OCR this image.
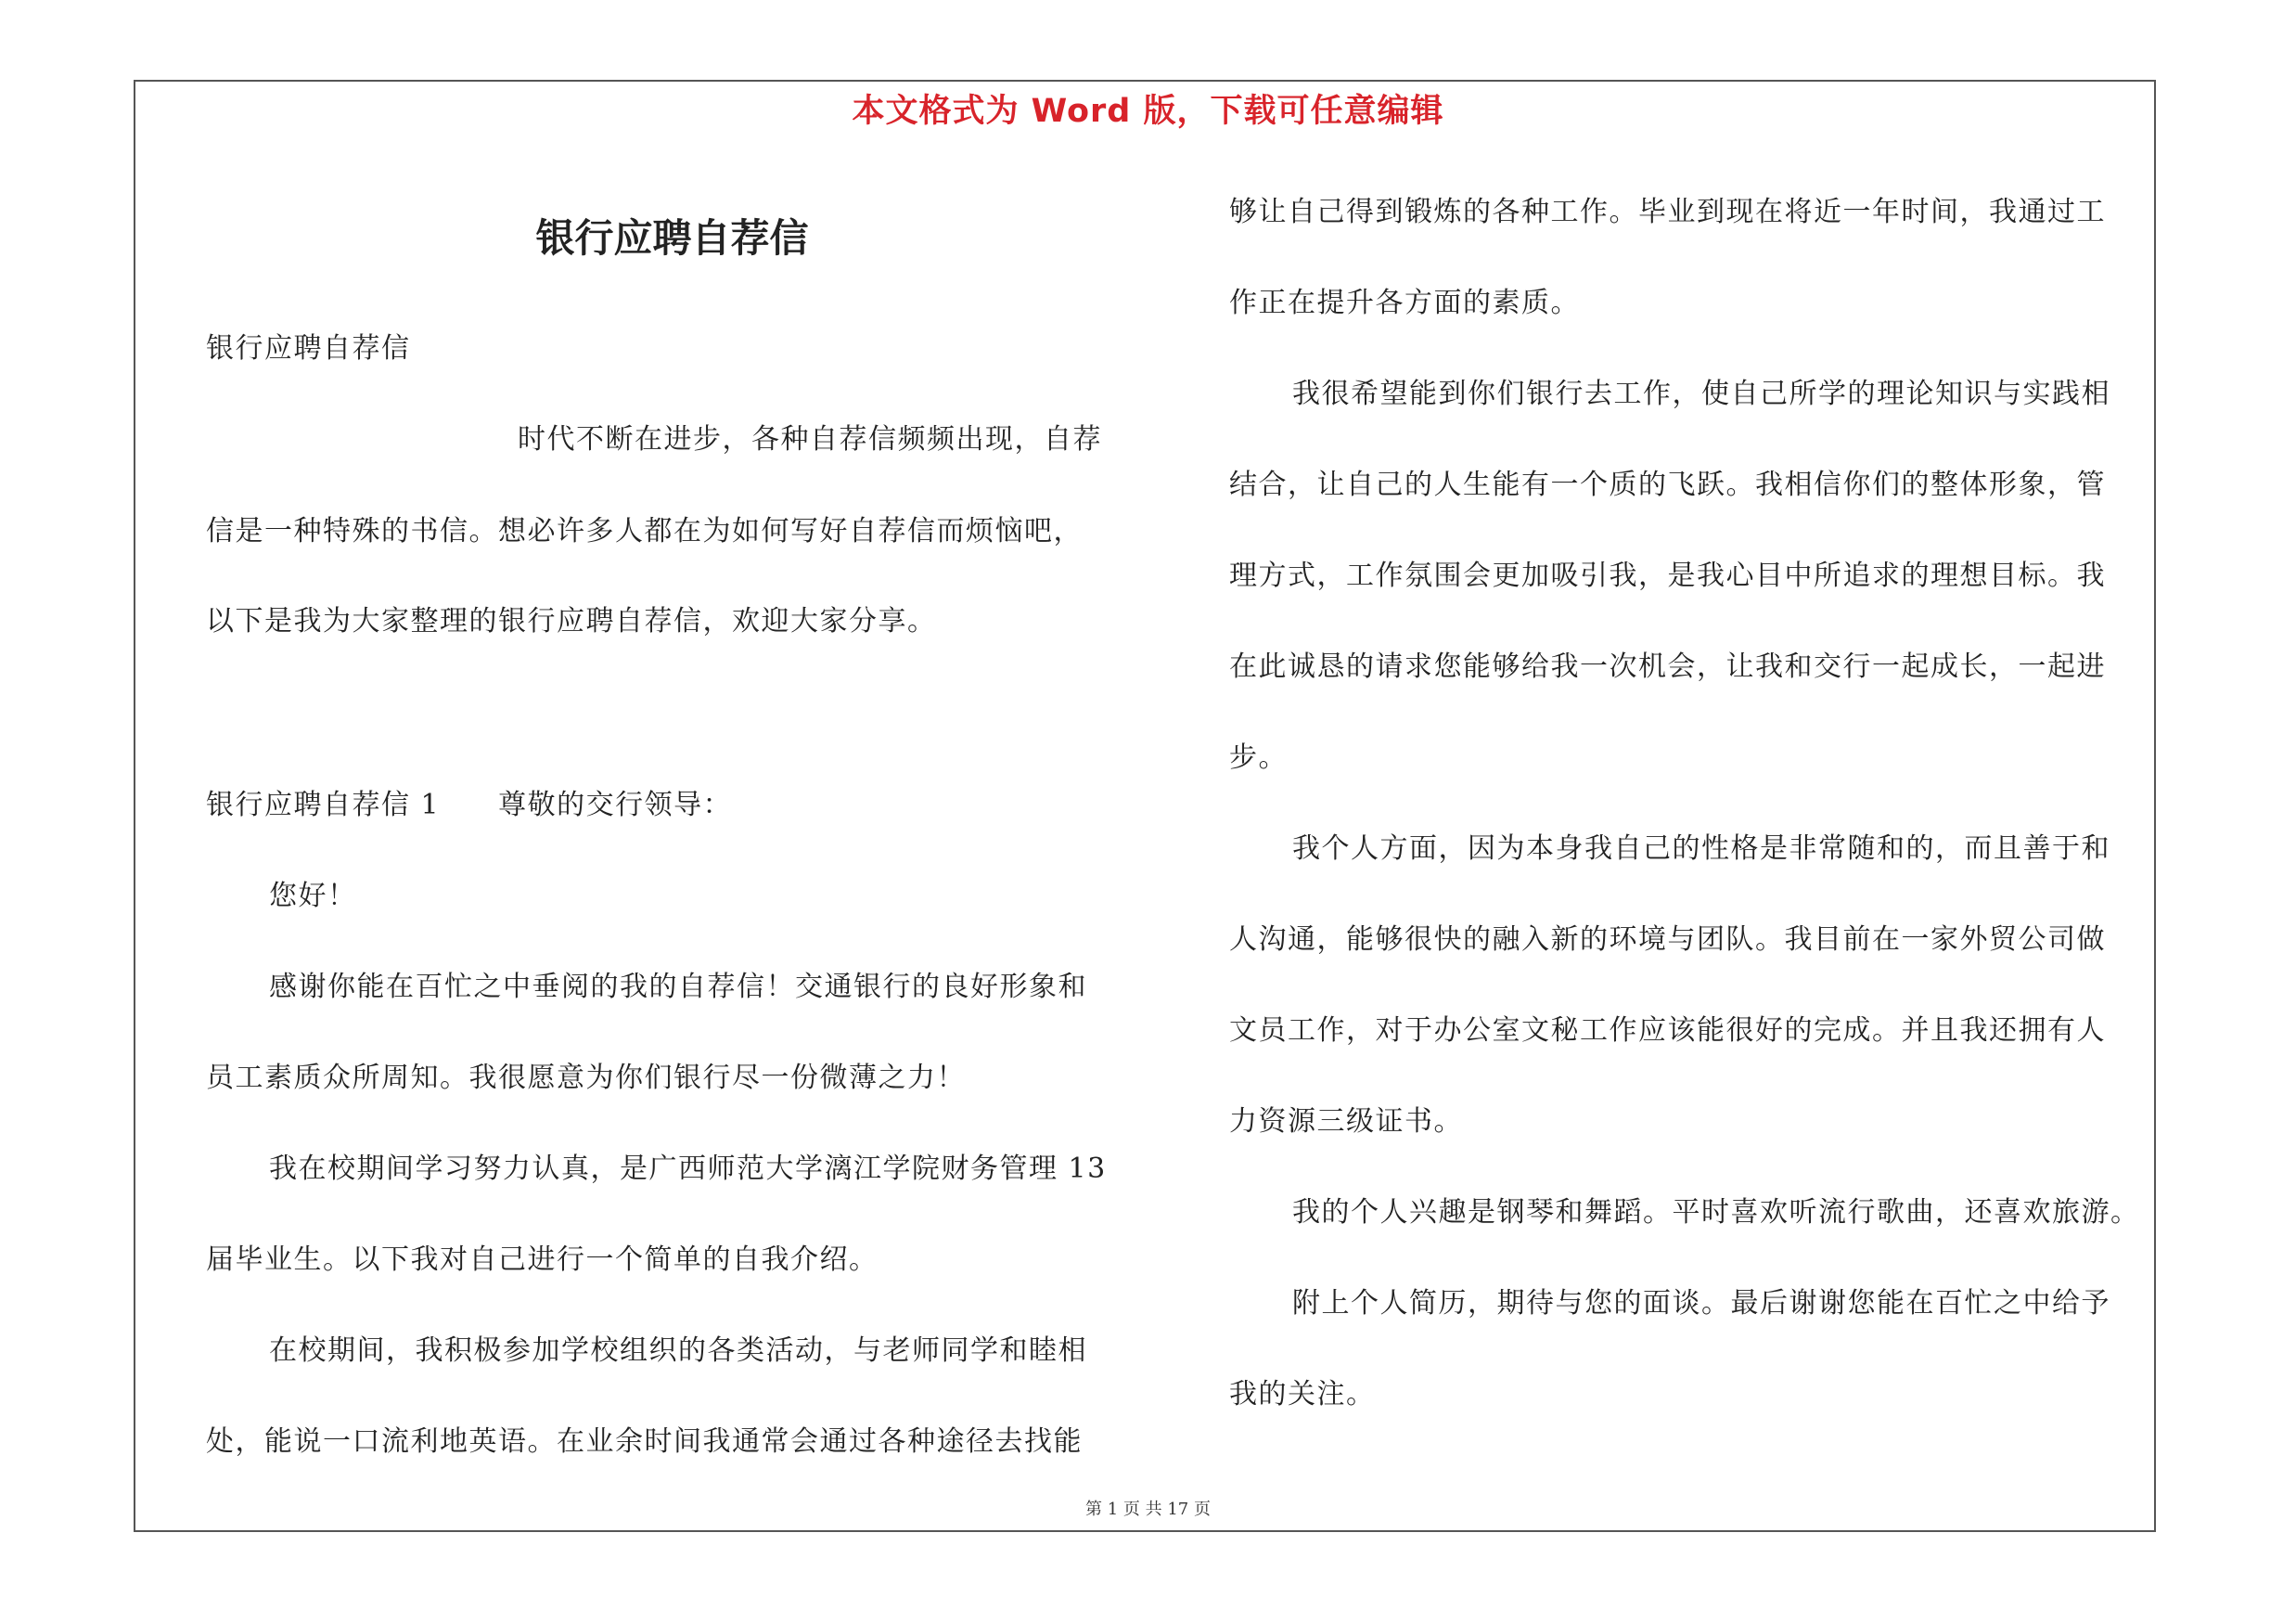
本文格式为 Word 版，下载可任意编辑
银行应聘自荐信
银行应聘自荐信
时代不断在进步，各种自荐信频频出现，自荐
信是一种特殊的书信。想必许多人都在为如何写好自荐信而烦恼吧，
以下是我为大家整理的银行应聘自荐信，欢迎大家分享。
银行应聘自荐信 1　　尊敬的交行领导：
您好！
感谢你能在百忙之中垂阅的我的自荐信！交通银行的良好形象和
员工素质众所周知。我很愿意为你们银行尽一份微薄之力！
我在校期间学习努力认真，是广西师范大学漓江学院财务管理 13
届毕业生。以下我对自己进行一个简单的自我介绍。
在校期间，我积极参加学校组织的各类活动，与老师同学和睦相
处，能说一口流利地英语。在业余时间我通常会通过各种途径去找能
够让自己得到锻炼的各种工作。毕业到现在将近一年时间，我通过工
作正在提升各方面的素质。
我很希望能到你们银行去工作，使自己所学的理论知识与实践相
结合，让自己的人生能有一个质的飞跃。我相信你们的整体形象，管
理方式，工作氛围会更加吸引我，是我心目中所追求的理想目标。我
在此诚恳的请求您能够给我一次机会，让我和交行一起成长，一起进
步。
我个人方面，因为本身我自己的性格是非常随和的，而且善于和
人沟通，能够很快的融入新的环境与团队。我目前在一家外贸公司做
文员工作，对于办公室文秘工作应该能很好的完成。并且我还拥有人
力资源三级证书。
我的个人兴趣是钢琴和舞蹈。平时喜欢听流行歌曲，还喜欢旅游。
附上个人简历，期待与您的面谈。最后谢谢您能在百忙之中给予
我的关注。
第 1 页 共 17 页
